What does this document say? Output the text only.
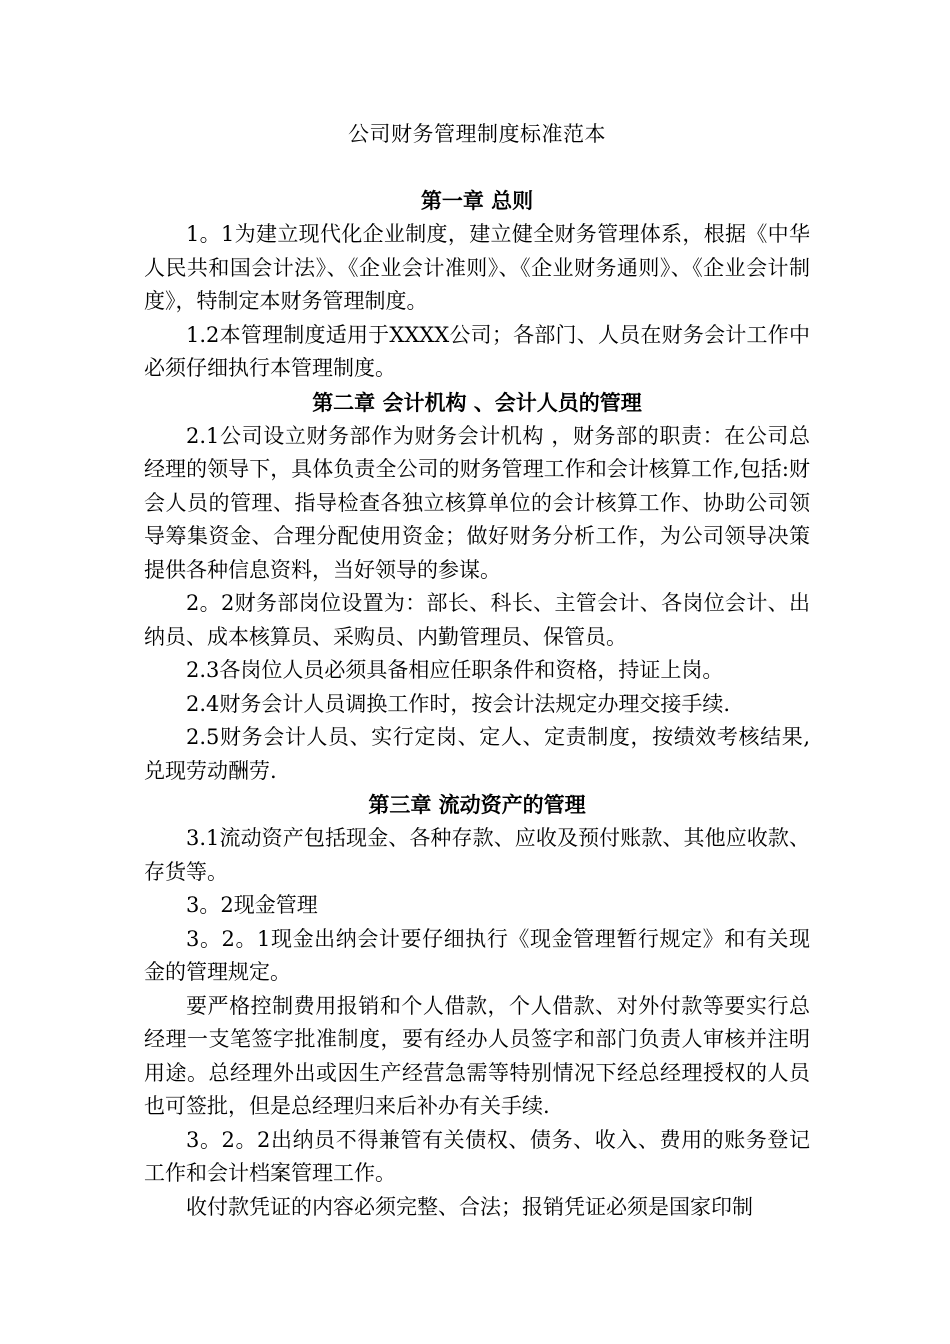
公司财务管理制度标准范本
第一章 总则

1。1为建立现代化企业制度，建立健全财务管理体系，根据《中华人民共和国会计法》、《企业会计准则》、《企业财务通则》、《企业会计制度》，特制定本财务管理制度。

1.2本管理制度适用于XXXX公司；各部门、人员在财务会计工作中必须仔细执行本管理制度。

第二章 会计机构 、会计人员的管理

2.1公司设立财务部作为财务会计机构 ，财务部的职责：在公司总经理的领导下，具体负责全公司的财务管理工作和会计核算工作,包括:财会人员的管理、指导检查各独立核算单位的会计核算工作、协助公司领导筹集资金、合理分配使用资金；做好财务分析工作，为公司领导决策提供各种信息资料，当好领导的参谋。

2。2财务部岗位设置为：部长、科长、主管会计、各岗位会计、出纳员、成本核算员、采购员、内勤管理员、保管员。

2.3各岗位人员必须具备相应任职条件和资格，持证上岗。

2.4财务会计人员调换工作时，按会计法规定办理交接手续.

2.5财务会计人员、实行定岗、定人、定责制度，按绩效考核结果,兑现劳动酬劳.

第三章 流动资产的管理

3.1流动资产包括现金、各种存款、应收及预付账款、其他应收款、存货等。

3。2现金管理

3。2。1现金出纳会计要仔细执行《现金管理暂行规定》和有关现金的管理规定。

要严格控制费用报销和个人借款，个人借款、对外付款等要实行总经理一支笔签字批准制度，要有经办人员签字和部门负责人审核并注明用途。总经理外出或因生产经营急需等特别情况下经总经理授权的人员也可签批，但是总经理归来后补办有关手续.

3。2。2出纳员不得兼管有关债权、债务、收入、费用的账务登记工作和会计档案管理工作。

收付款凭证的内容必须完整、合法；报销凭证必须是国家印制
